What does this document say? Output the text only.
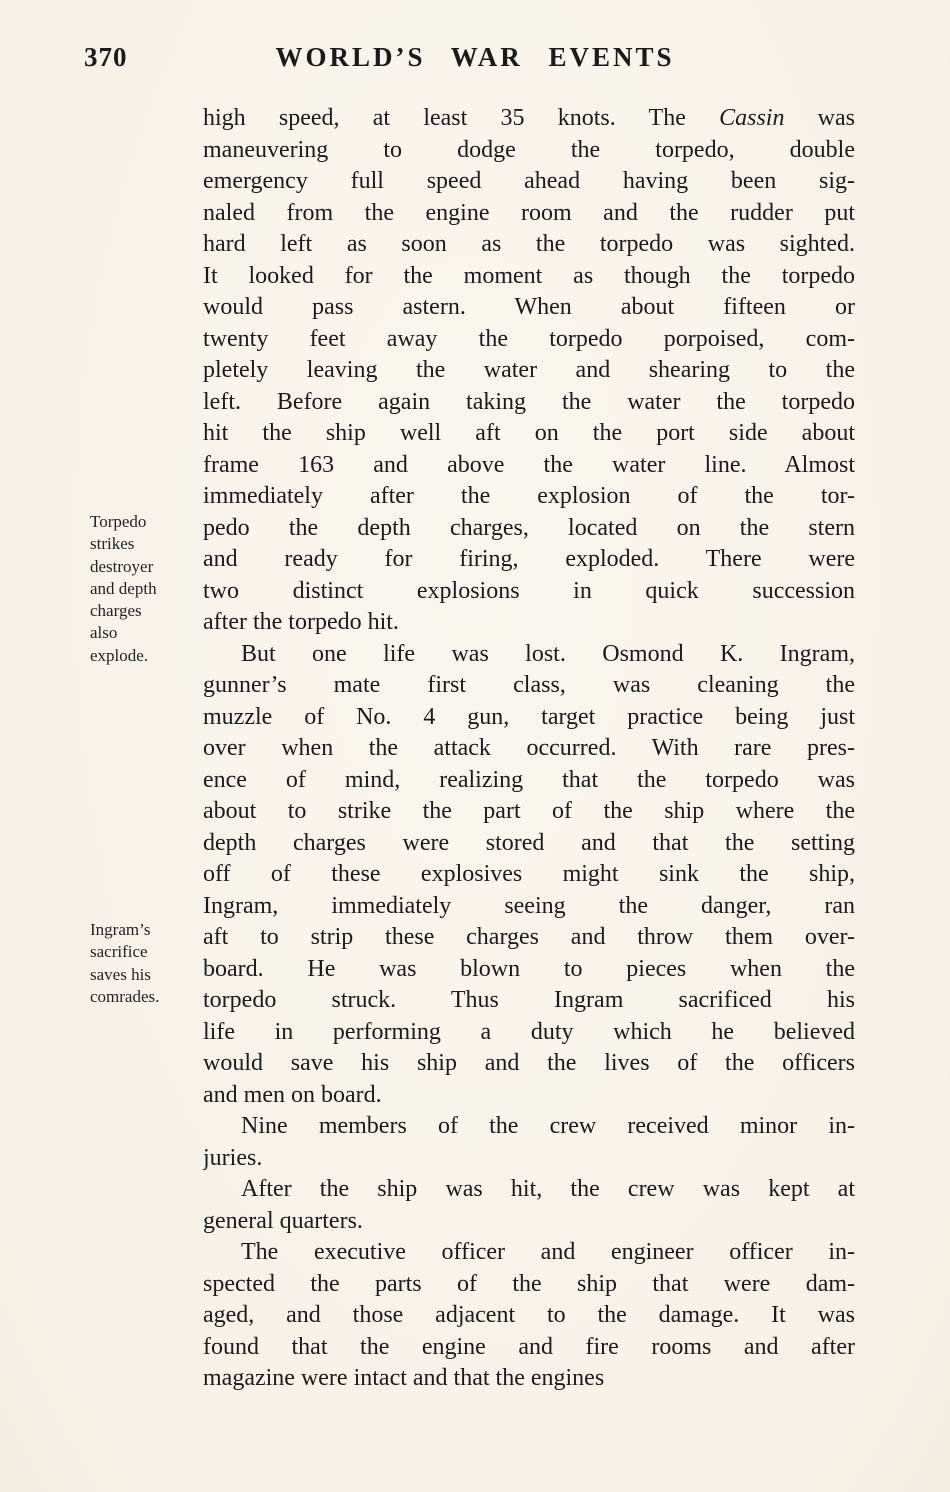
370	WORLD’S WAR EVENTS
Torpedo
strikes
destroyer
and depth
charges
also
explode.
Ingram’s
sacrifice
saves his
comrades.
high speed, at least 35 knots. The Cassin was
maneuvering to dodge the torpedo, double
emergency full speed ahead having been sig-
naled from the engine room and the rudder put
hard left as soon as the torpedo was sighted.
It looked for the moment as though the torpedo
would pass astern. When about fifteen or
twenty feet away the torpedo porpoised, com-
pletely leaving the water and shearing to the
left. Before again taking the water the torpedo
hit the ship well aft on the port side about
frame 163 and above the water line. Almost
immediately after the explosion of the tor-
pedo the depth charges, located on the stern
and ready for firing, exploded. There were
two distinct explosions in quick succession
after the torpedo hit.
But one life was lost. Osmond K. Ingram,
gunner’s mate first class, was cleaning the
muzzle of No. 4 gun, target practice being just
over when the attack occurred. With rare pres-
ence of mind, realizing that the torpedo was
about to strike the part of the ship where the
depth charges were stored and that the setting
off of these explosives might sink the ship,
Ingram, immediately seeing the danger, ran
aft to strip these charges and throw them over-
board. He was blown to pieces when the
torpedo struck. Thus Ingram sacrificed his
life in performing a duty which he believed
would save his ship and the lives of the officers
and men on board.
Nine members of the crew received minor in-
juries.
After the ship was hit, the crew was kept at
general quarters.
The executive officer and engineer officer in-
spected the parts of the ship that were dam-
aged, and those adjacent to the damage. It was
found that the engine and fire rooms and after
magazine were intact and that the engines
